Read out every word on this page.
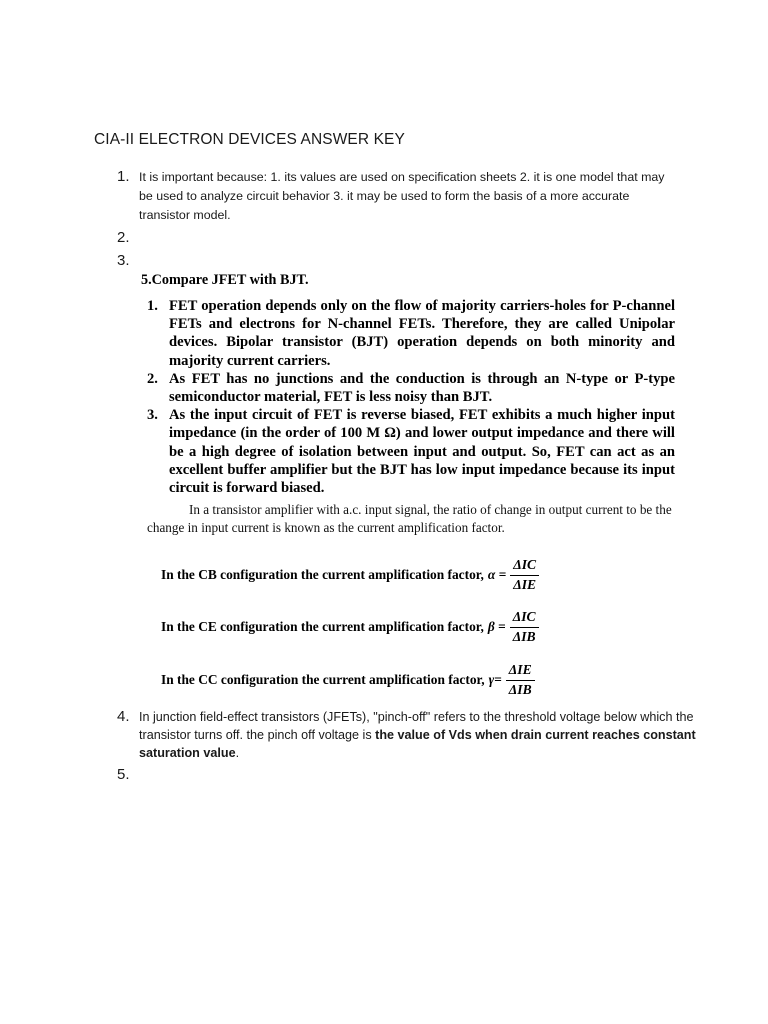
CIA-II ELECTRON DEVICES ANSWER KEY
1. It is important because: 1. its values are used on specification sheets 2. it is one model that may be used to analyze circuit behavior 3. it may be used to form the basis of a more accurate transistor model.
2.
3.
5.Compare JFET with BJT.
1. FET operation depends only on the flow of majority carriers-holes for P-channel FETs and electrons for N-channel FETs. Therefore, they are called Unipolar devices. Bipolar transistor (BJT) operation depends on both minority and majority current carriers.
2. As FET has no junctions and the conduction is through an N-type or P-type semiconductor material, FET is less noisy than BJT.
3. As the input circuit of FET is reverse biased, FET exhibits a much higher input impedance (in the order of 100 M Ω) and lower output impedance and there will be a high degree of isolation between input and output. So, FET can act as an excellent buffer amplifier but the BJT has low input impedance because its input circuit is forward biased.
In a transistor amplifier with a.c. input signal, the ratio of change in output current to be the change in input current is known as the current amplification factor.
In the CB configuration the current amplification factor, $\alpha = \frac{\text{ΔIC}}{\text{ΔIE}}$
In the CE configuration the current amplification factor, $\beta = \frac{\text{ΔIC}}{\text{ΔIB}}$
In the CC configuration the current amplification factor, $\gamma= \frac{\text{ΔIE}}{\text{ΔIB}}$
4. In junction field-effect transistors (JFETs), "pinch-off" refers to the threshold voltage below which the transistor turns off. the pinch off voltage is the value of Vds when drain current reaches constant saturation value.
5.
